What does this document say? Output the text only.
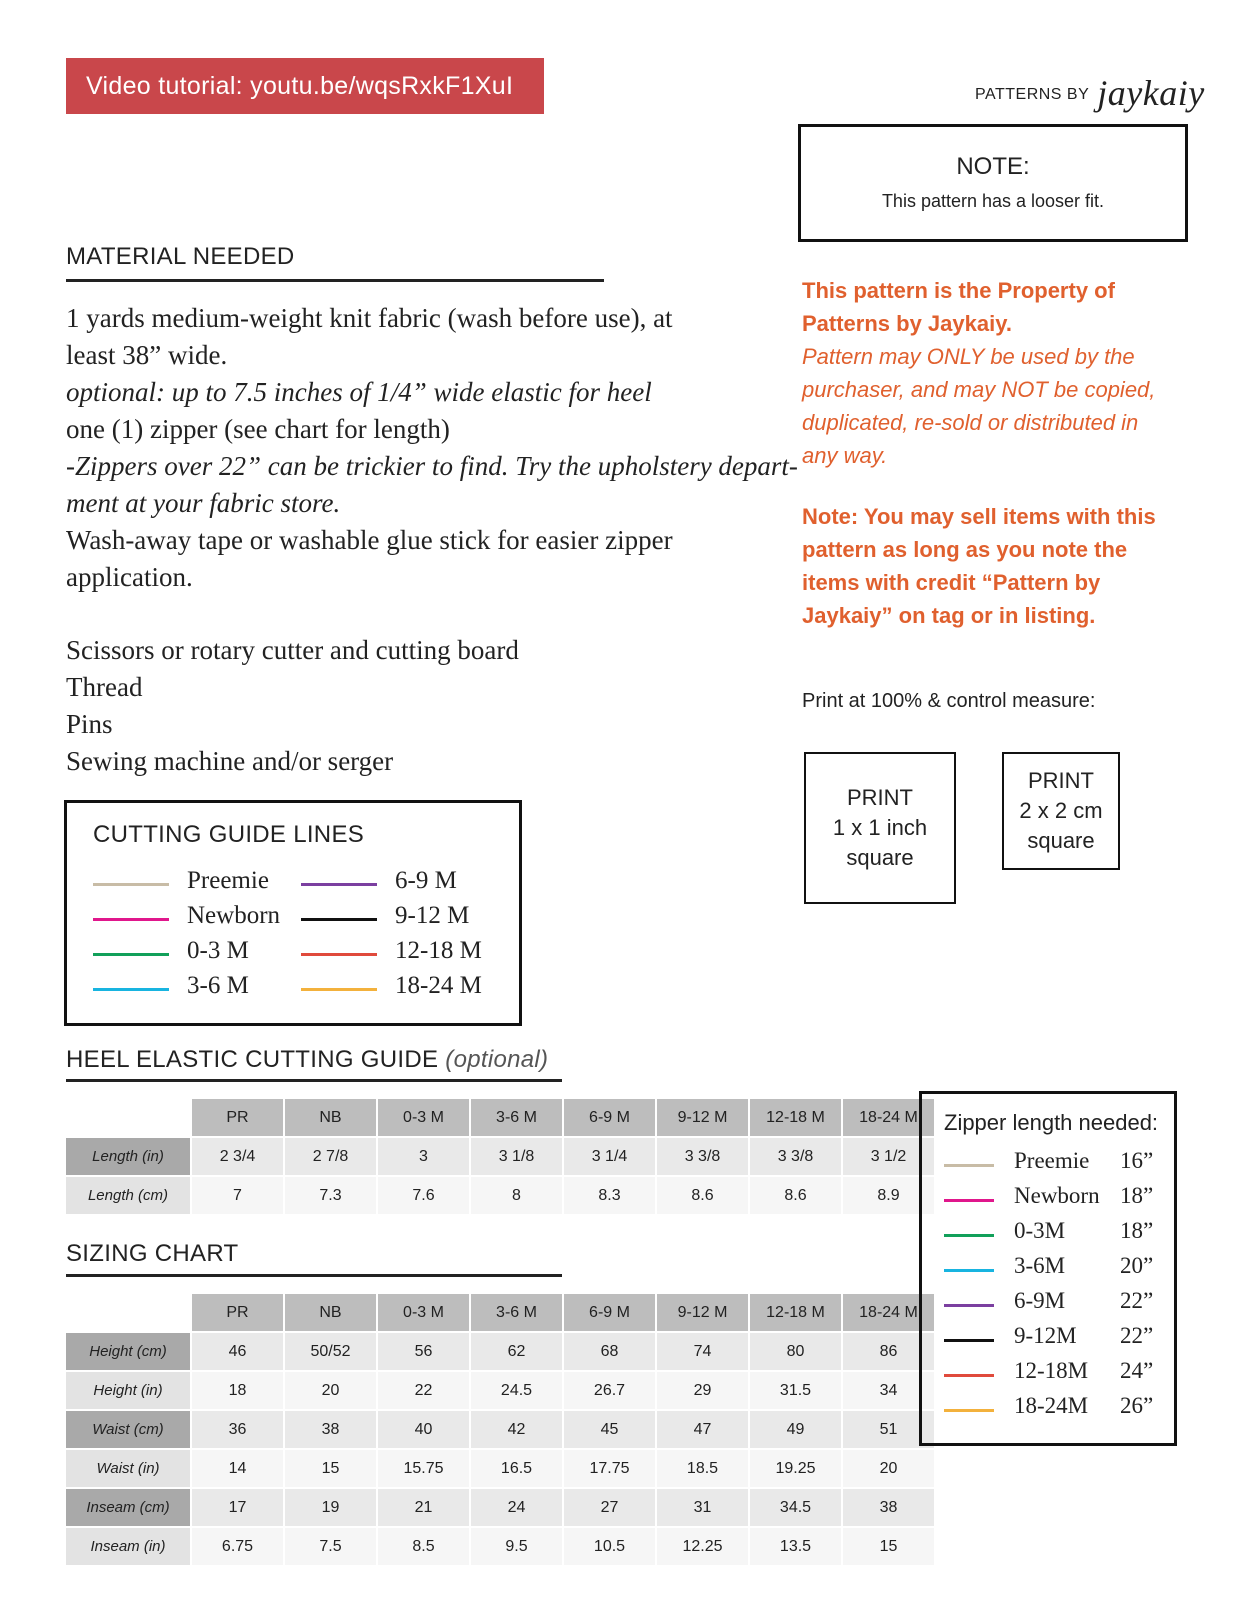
Video tutorial: youtu.be/wqsRxkF1XuI	PATTERNS BY jaykaiy
NOTE:
This pattern has a looser fit.
MATERIAL NEEDED
1 yards medium-weight knit fabric (wash before use), at
least 38” wide.
optional: up to 7.5 inches of 1/4” wide elastic for heel
one (1) zipper (see chart for length)
-Zippers over 22” can be trickier to find. Try the upholstery depart-
ment at your fabric store.
Wash-away tape or washable glue stick for easier zipper
application.
Scissors or rotary cutter and cutting board
Thread
Pins
Sewing machine and/or serger
This pattern is the Property of
Patterns by Jaykaiy.
Pattern may ONLY be used by the
purchaser, and may NOT be copied,
duplicated, re-sold or distributed in
any way.
Note: You may sell items with this
pattern as long as you note the
items with credit “Pattern by
Jaykaiy” on tag or in listing.
Print at 100% & control measure:
PRINT
1 x 1 inch
square
PRINT
2 x 2 cm
square
CUTTING GUIDE LINES
Preemie
Newborn
0-3 M
3-6 M
6-9 M
9-12 M
12-18 M
18-24 M
HEEL ELASTIC CUTTING GUIDE (optional)
	PR	NB	0-3 M	3-6 M	6-9 M	9-12 M	12-18 M	18-24 M
Length (in)	2 3/4	2 7/8	3	3 1/8	3 1/4	3 3/8	3 3/8	3 1/2
Length (cm)	7	7.3	7.6	8	8.3	8.6	8.6	8.9
SIZING CHART
	PR	NB	0-3 M	3-6 M	6-9 M	9-12 M	12-18 M	18-24 M
Height (cm)	46	50/52	56	62	68	74	80	86
Height (in)	18	20	22	24.5	26.7	29	31.5	34
Waist (cm)	36	38	40	42	45	47	49	51
Waist (in)	14	15	15.75	16.5	17.75	18.5	19.25	20
Inseam (cm)	17	19	21	24	27	31	34.5	38
Inseam (in)	6.75	7.5	8.5	9.5	10.5	12.25	13.5	15
Zipper length needed:
Preemie 16”
Newborn 18”
0-3M 18”
3-6M 20”
6-9M 22”
9-12M 22”
12-18M 24”
18-24M 26”
